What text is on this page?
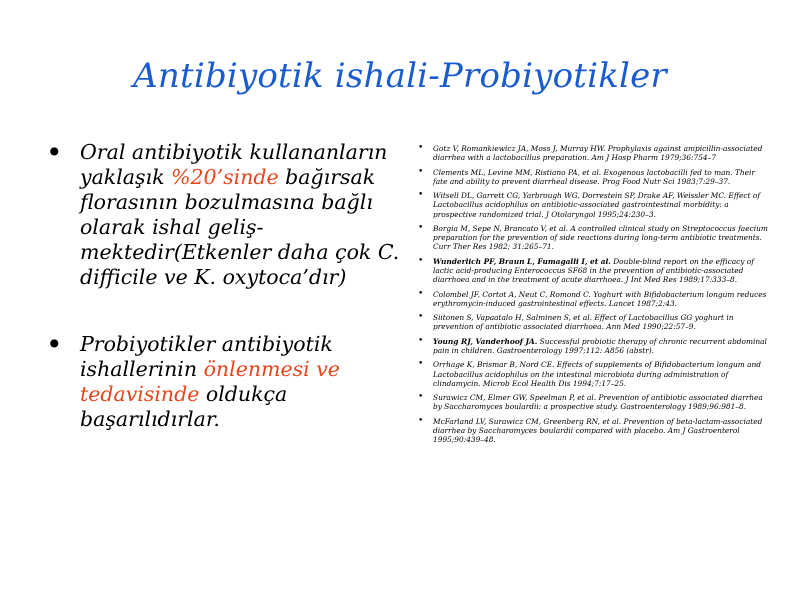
Antibiyotik ishali-Probiyotikler
• Oral antibiyotik kullananların yaklaşık %20’sinde bağırsak florasının bozulmasına bağlı olarak ishal geliş-mektedir(Etkenler daha çok C. difficile ve K. oxytoca’dır)
• Probiyotikler antibiyotik ishallerinin önlenmesi ve tedavisinde oldukça başarılıdırlar.
• Gotz V, Romankiewicz JA, Moss J, Murray HW. Prophylaxis against ampicillin-associated diarrhea with a lactobacillus preparation. Am J Hosp Pharm 1979;36:754–7
• Clements ML, Levine MM, Ristiano PA, et al. Exogenous lactobacilli fed to man. Their fate and ability to prevent diarrheal disease. Prog Food Nutr Sci 1983;7:29–37.
• Witsell DL, Garrett CG, Yarbrough WG, Dorrestein SP, Drake AF, Weissler MC. Effect of Lactobacillus acidophilus on antibiotic-associated gastrointestinal morbidity: a prospective randomized trial. J Otolaryngol 1995;24:230–3.
• Borgia M, Sepe N, Brancato V, et al. A controlled clinical study on Streptococcus faecium preparation for the prevention of side reactions during long-term antibiotic treatments. Curr Ther Res 1982; 31:265–71.
• Wunderlich PF, Braun L, Fumagalli I, et al. Double-blind report on the efficacy of lactic acid-producing Enterococcus SF68 in the prevention of antibiotic-associated diarrhoea and in the treatment of acute diarrhoea. J Int Med Res 1989;17:333–8.
• Colombel JF, Cortot A, Neut C, Romond C. Yoghurt with Bifidobacterium longum reduces erythromycin-induced gastrointestinal effects. Lancet 1987;2:43.
• Siitonen S, Vapaatalo H, Salminen S, et al. Effect of Lactobacillus GG yoghurt in prevention of antibiotic associated diarrhoea. Ann Med 1990;22:57–9.
• Young RJ, Vanderhoof JA. Successful probiotic therapy of chronic recurrent abdominal pain in children. Gastroenterology 1997;112: A856 (abstr).
• Orrhage K, Brismar B, Nord CE. Effects of supplements of Bifidobacterium longum and Lactobacillus acidophilus on the intestinal microbiota during administration of clindamycin. Microb Ecol Health Dis 1994;7:17–25.
• Surawicz CM, Elmer GW, Speelman P, et al. Prevention of antibiotic associated diarrhea by Saccharomyces boulardii: a prospective study. Gastroenterology 1989;96:981–8.
• McFarland LV, Surawicz CM, Greenberg RN, et al. Prevention of beta-lactam-associated diarrhea by Saccharomyces boulardii compared with placebo. Am J Gastroenterol 1995;90:439–48.
